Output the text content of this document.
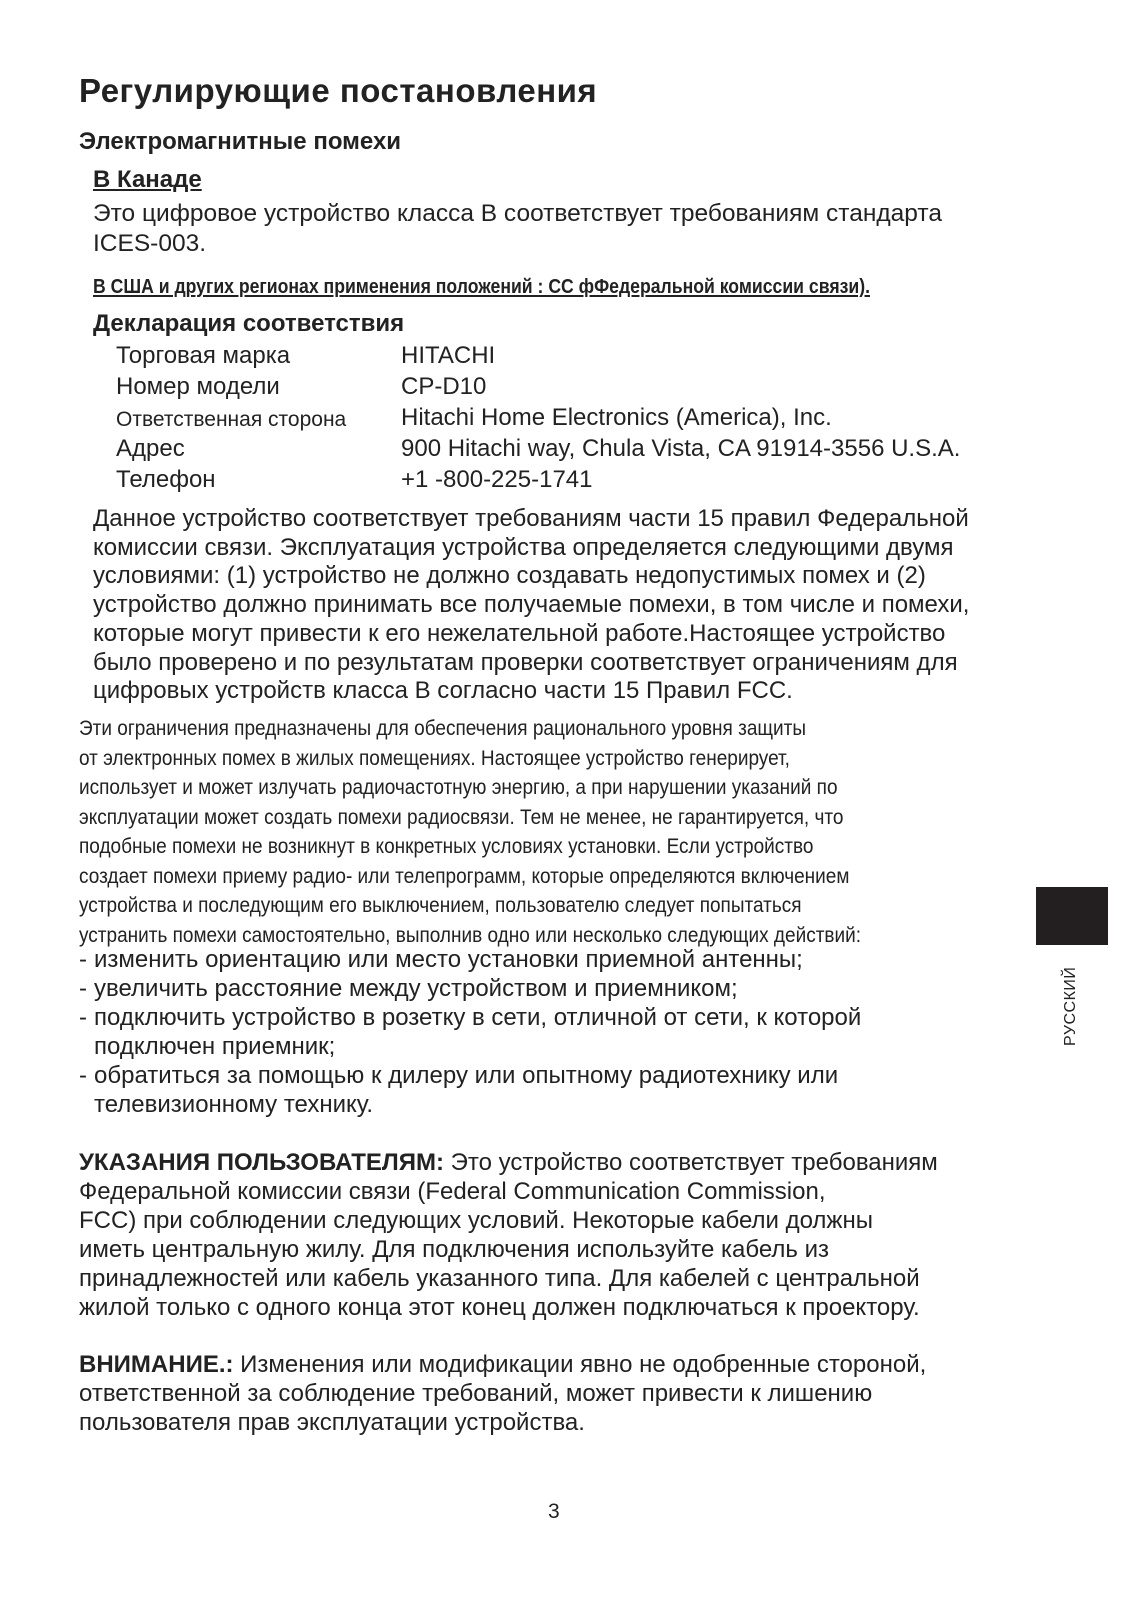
Регулирующие постановления
Электромагнитные помехи
В Канаде
Это цифровое устройство класса B соответствует требованиям стандарта
ICES-003.
В США и других регионах применения положений : CC фФедеральной комиссии связи).
Декларация соответствия
Торговая марка	HITACHI
Номер модели	CP-D10
Ответственная сторона Hitachi Home Electronics (America), Inc.
Адрес	900 Hitachi way, Chula Vista, CA 91914-3556 U.S.A.
Телефон	+1 -800-225-1741
Данное устройство соответствует требованиям части 15 правил Федеральной
комиссии связи. Эксплуатация устройства определяется следующими двумя
условиями: (1) устройство не должно создавать недопустимых помех и (2)
устройство должно принимать все получаемые помехи, в том числе и помехи,
которые могут привести к его нежелательной работе.Настоящее устройство
было проверено и по результатам проверки соответствует ограничениям для
цифровых устройств класса B согласно части 15 Правил FCC.
Эти ограничения предназначены для обеспечения рационального уровня защиты
от электронных помех в жилых помещениях. Настоящее устройство генерирует,
использует и может излучать радиочастотную энергию, а при нарушении указаний по
эксплуатации может создать помехи радиосвязи. Тем не менее, не гарантируется, что
подобные помехи не возникнут в конкретных условиях установки. Если устройство
создает помехи приему радио- или телепрограмм, которые определяются включением
устройства и последующим его выключением, пользователю следует попытаться
устранить помехи самостоятельно, выполнив одно или несколько следующих действий:
- изменить ориентацию или место установки приемной антенны;
- увеличить расстояние между устройством и приемником;
- подключить устройство в розетку в сети, отличной от сети, к которой
подключен приемник;
- обратиться за помощью к дилеру или опытному радиотехнику или
телевизионному технику.
УКАЗАНИЯ ПОЛЬЗОВАТЕЛЯМ: Это устройство соответствует требованиям
Федеральной комиссии связи (Federal Communication Commission,
FCC) при соблюдении следующих условий. Некоторые кабели должны
иметь центральную жилу. Для подключения используйте кабель из
принадлежностей или кабель указанного типа. Для кабелей с центральной
жилой только с одного конца этот конец должен подключаться к проектору.
ВНИМАНИЕ.: Изменения или модификации явно не одобренные стороной,
ответственной за соблюдение требований, может привести к лишению
пользователя прав эксплуатации устройства.
РУССКИЙ
3
